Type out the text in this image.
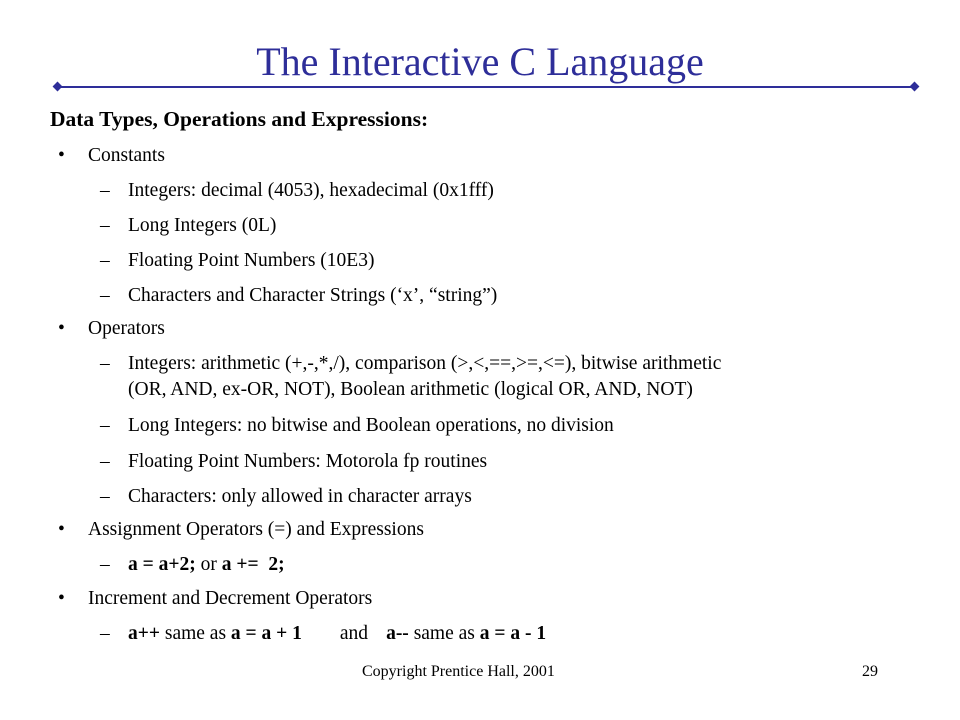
The Interactive C Language
Data Types, Operations and Expressions:
• Constants
– Integers: decimal (4053), hexadecimal (0x1fff)
– Long Integers (0L)
– Floating Point Numbers (10E3)
– Characters and Character Strings (‘x’, “string”)
• Operators
– Integers: arithmetic (+,-,*,/), comparison (>,<,==,>=,<=), bitwise arithmetic
(OR, AND, ex-OR, NOT), Boolean arithmetic (logical OR, AND, NOT)
– Long Integers: no bitwise and Boolean operations, no division
– Floating Point Numbers: Motorola fp routines
– Characters: only allowed in character arrays
• Assignment Operators (=) and Expressions
– a = a+2; or a +=  2;
• Increment and Decrement Operators
– a++ same as a = a + 1 and a-- same as a = a - 1
Copyright Prentice Hall, 2001	29
